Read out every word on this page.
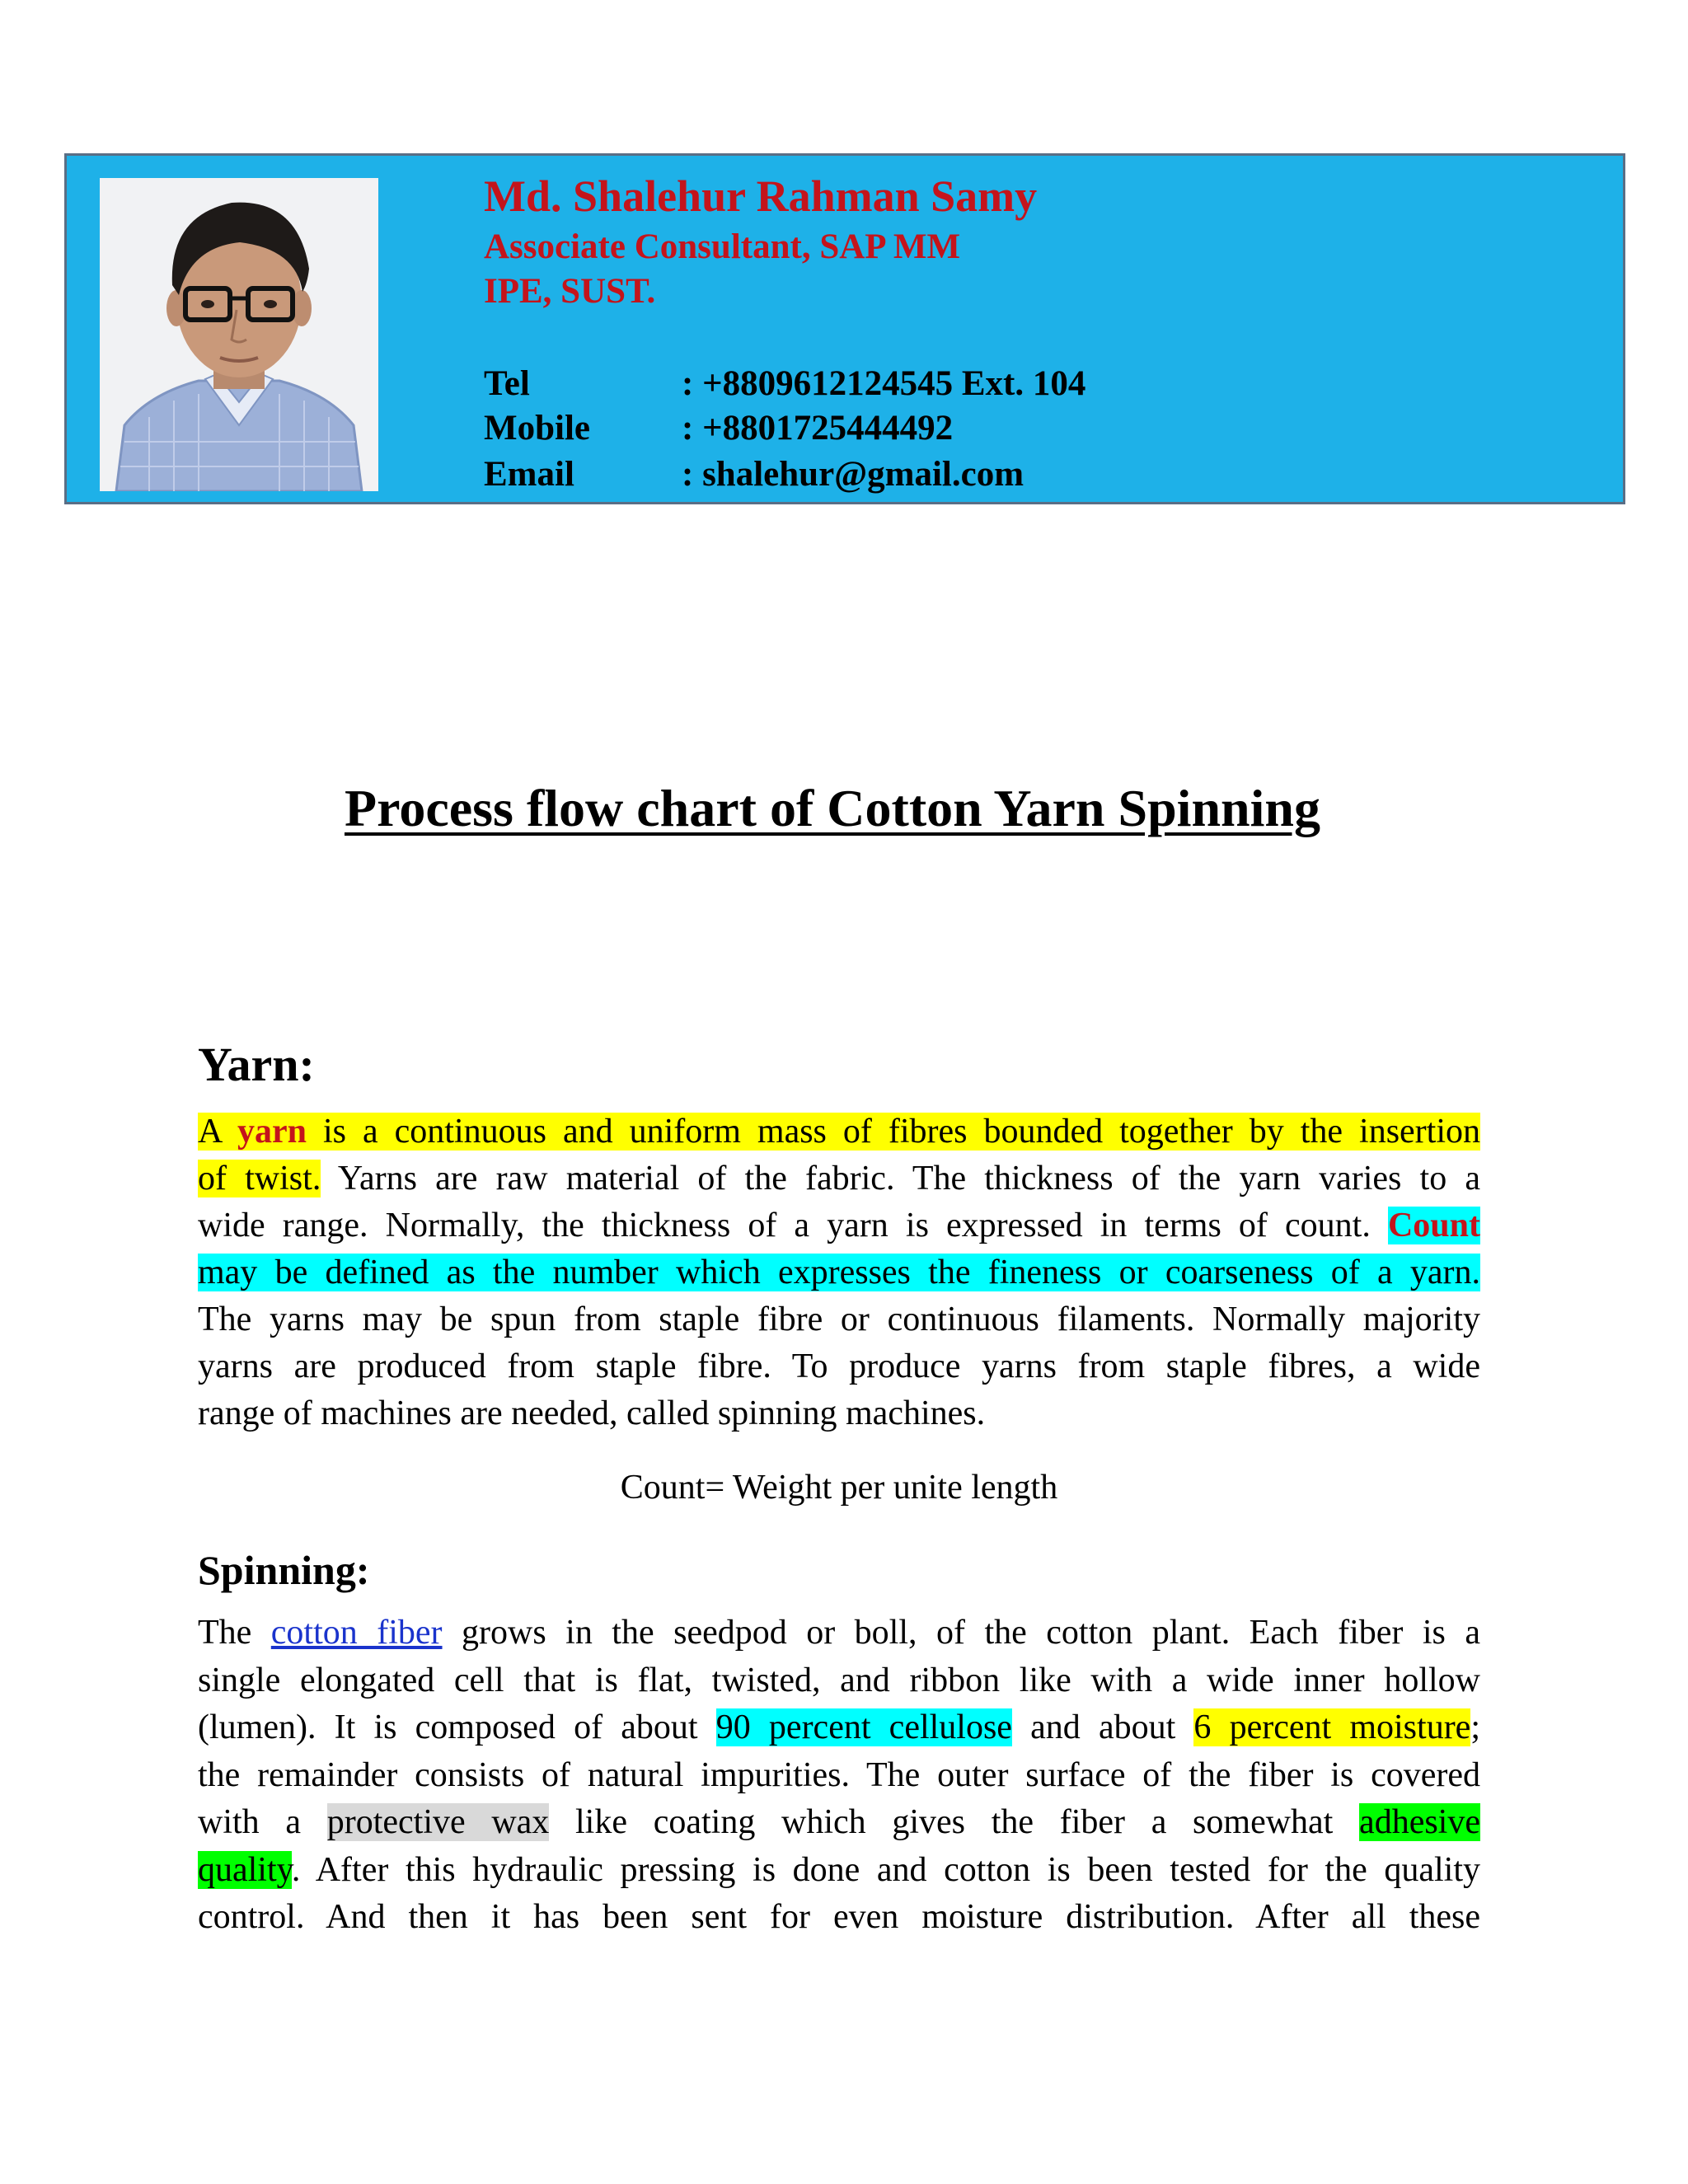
Md. Shalehur Rahman Samy
Associate Consultant, SAP MM
IPE, SUST.
Tel	: +8809612124545 Ext. 104
Mobile	: +8801725444492
Email	: shalehur@gmail.com
Process flow chart of Cotton Yarn Spinning
Yarn:
A yarn is a continuous and uniform mass of fibres bounded together by the insertion
of twist. Yarns are raw material of the fabric. The thickness of the yarn varies to a
wide range. Normally, the thickness of a yarn is expressed in terms of count. Count
may be defined as the number which expresses the fineness or coarseness of a yarn.
The yarns may be spun from staple fibre or continuous filaments. Normally majority
yarns are produced from staple fibre. To produce yarns from staple fibres, a wide
range of machines are needed, called spinning machines.
Count= Weight per unite length
Spinning:
The cotton fiber grows in the seedpod or boll, of the cotton plant. Each fiber is a
single elongated cell that is flat, twisted, and ribbon like with a wide inner hollow
(lumen). It is composed of about 90 percent cellulose and about 6 percent moisture;
the remainder consists of natural impurities. The outer surface of the fiber is covered
with a protective wax like coating which gives the fiber a somewhat adhesive
quality. After this hydraulic pressing is done and cotton is been tested for the quality
control. And then it has been sent for even moisture distribution. After all these
